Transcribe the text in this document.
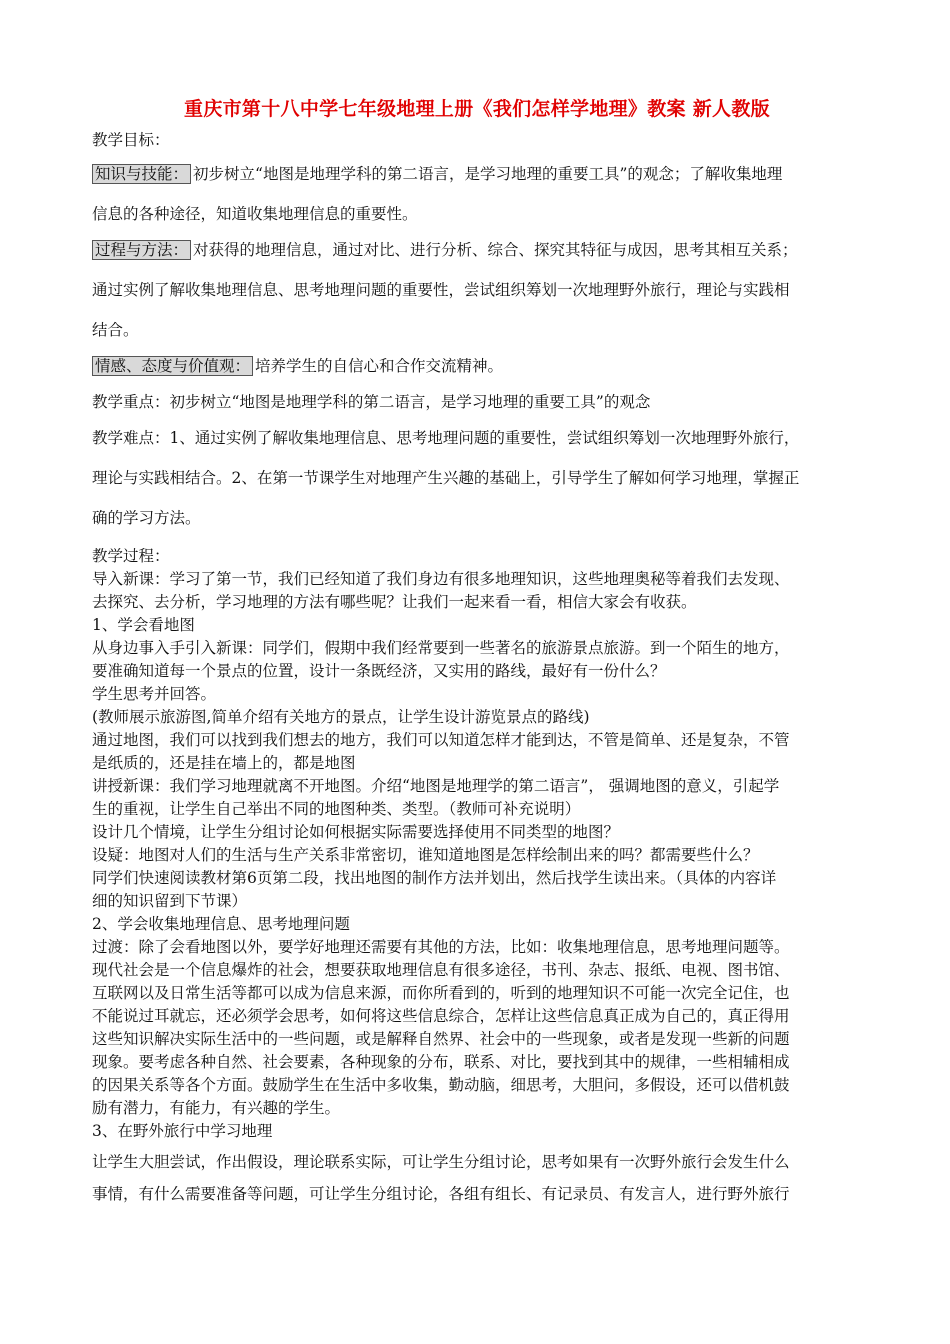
重庆市第十八中学七年级地理上册《我们怎样学地理》教案 新人教版

教学目标：

知识与技能： 初步树立“地图是地理学科的第二语言，是学习地理的重要工具”的观念；了解收集地理

信息的各种途径，知道收集地理信息的重要性。

过程与方法： 对获得的地理信息，通过对比、进行分析、综合、探究其特征与成因，思考其相互关系；

通过实例了解收集地理信息、思考地理问题的重要性，尝试组织筹划一次地理野外旅行，理论与实践相

结合。

情感、态度与价值观： 培养学生的自信心和合作交流精神。

教学重点：初步树立“地图是地理学科的第二语言，是学习地理的重要工具”的观念

教学难点：1、通过实例了解收集地理信息、思考地理问题的重要性，尝试组织筹划一次地理野外旅行，

理论与实践相结合。2、在第一节课学生对地理产生兴趣的基础上，引导学生了解如何学习地理，掌握正

确的学习方法。

教学过程：

导入新课：学习了第一节，我们已经知道了我们身边有很多地理知识，这些地理奥秘等着我们去发现、

去探究、去分析，学习地理的方法有哪些呢？让我们一起来看一看，相信大家会有收获。

1、学会看地图

从身边事入手引入新课：同学们，假期中我们经常要到一些著名的旅游景点旅游。到一个陌生的地方，

要准确知道每一个景点的位置，设计一条既经济，又实用的路线，最好有一份什么？

学生思考并回答。

(教师展示旅游图,简单介绍有关地方的景点，让学生设计游览景点的路线)

通过地图，我们可以找到我们想去的地方，我们可以知道怎样才能到达，不管是简单、还是复杂，不管

是纸质的，还是挂在墙上的，都是地图

讲授新课：我们学习地理就离不开地图。介绍“地图是地理学的第二语言”， 强调地图的意义，引起学

生的重视，让学生自己举出不同的地图种类、类型。（教师可补充说明）

设计几个情境，让学生分组讨论如何根据实际需要选择使用不同类型的地图？

设疑：地图对人们的生活与生产关系非常密切，谁知道地图是怎样绘制出来的吗？都需要些什么？

同学们快速阅读教材第6页第二段，找出地图的制作方法并划出，然后找学生读出来。（具体的内容详

细的知识留到下节课）

2、学会收集地理信息、思考地理问题

过渡：除了会看地图以外，要学好地理还需要有其他的方法，比如：收集地理信息，思考地理问题等。

现代社会是一个信息爆炸的社会，想要获取地理信息有很多途径，书刊、杂志、报纸、电视、图书馆、

互联网以及日常生活等都可以成为信息来源，而你所看到的，听到的地理知识不可能一次完全记住，也

不能说过耳就忘，还必须学会思考，如何将这些信息综合，怎样让这些信息真正成为自己的，真正得用

这些知识解决实际生活中的一些问题，或是解释自然界、社会中的一些现象，或者是发现一些新的问题

现象。要考虑各种自然、社会要素，各种现象的分布，联系、对比，要找到其中的规律，一些相辅相成

的因果关系等各个方面。鼓励学生在生活中多收集，勤动脑，细思考，大胆问，多假设，还可以借机鼓

励有潜力，有能力，有兴趣的学生。

3、在野外旅行中学习地理

让学生大胆尝试，作出假设，理论联系实际，可让学生分组讨论，思考如果有一次野外旅行会发生什么

事情，有什么需要准备等问题，可让学生分组讨论，各组有组长、有记录员、有发言人，进行野外旅行
